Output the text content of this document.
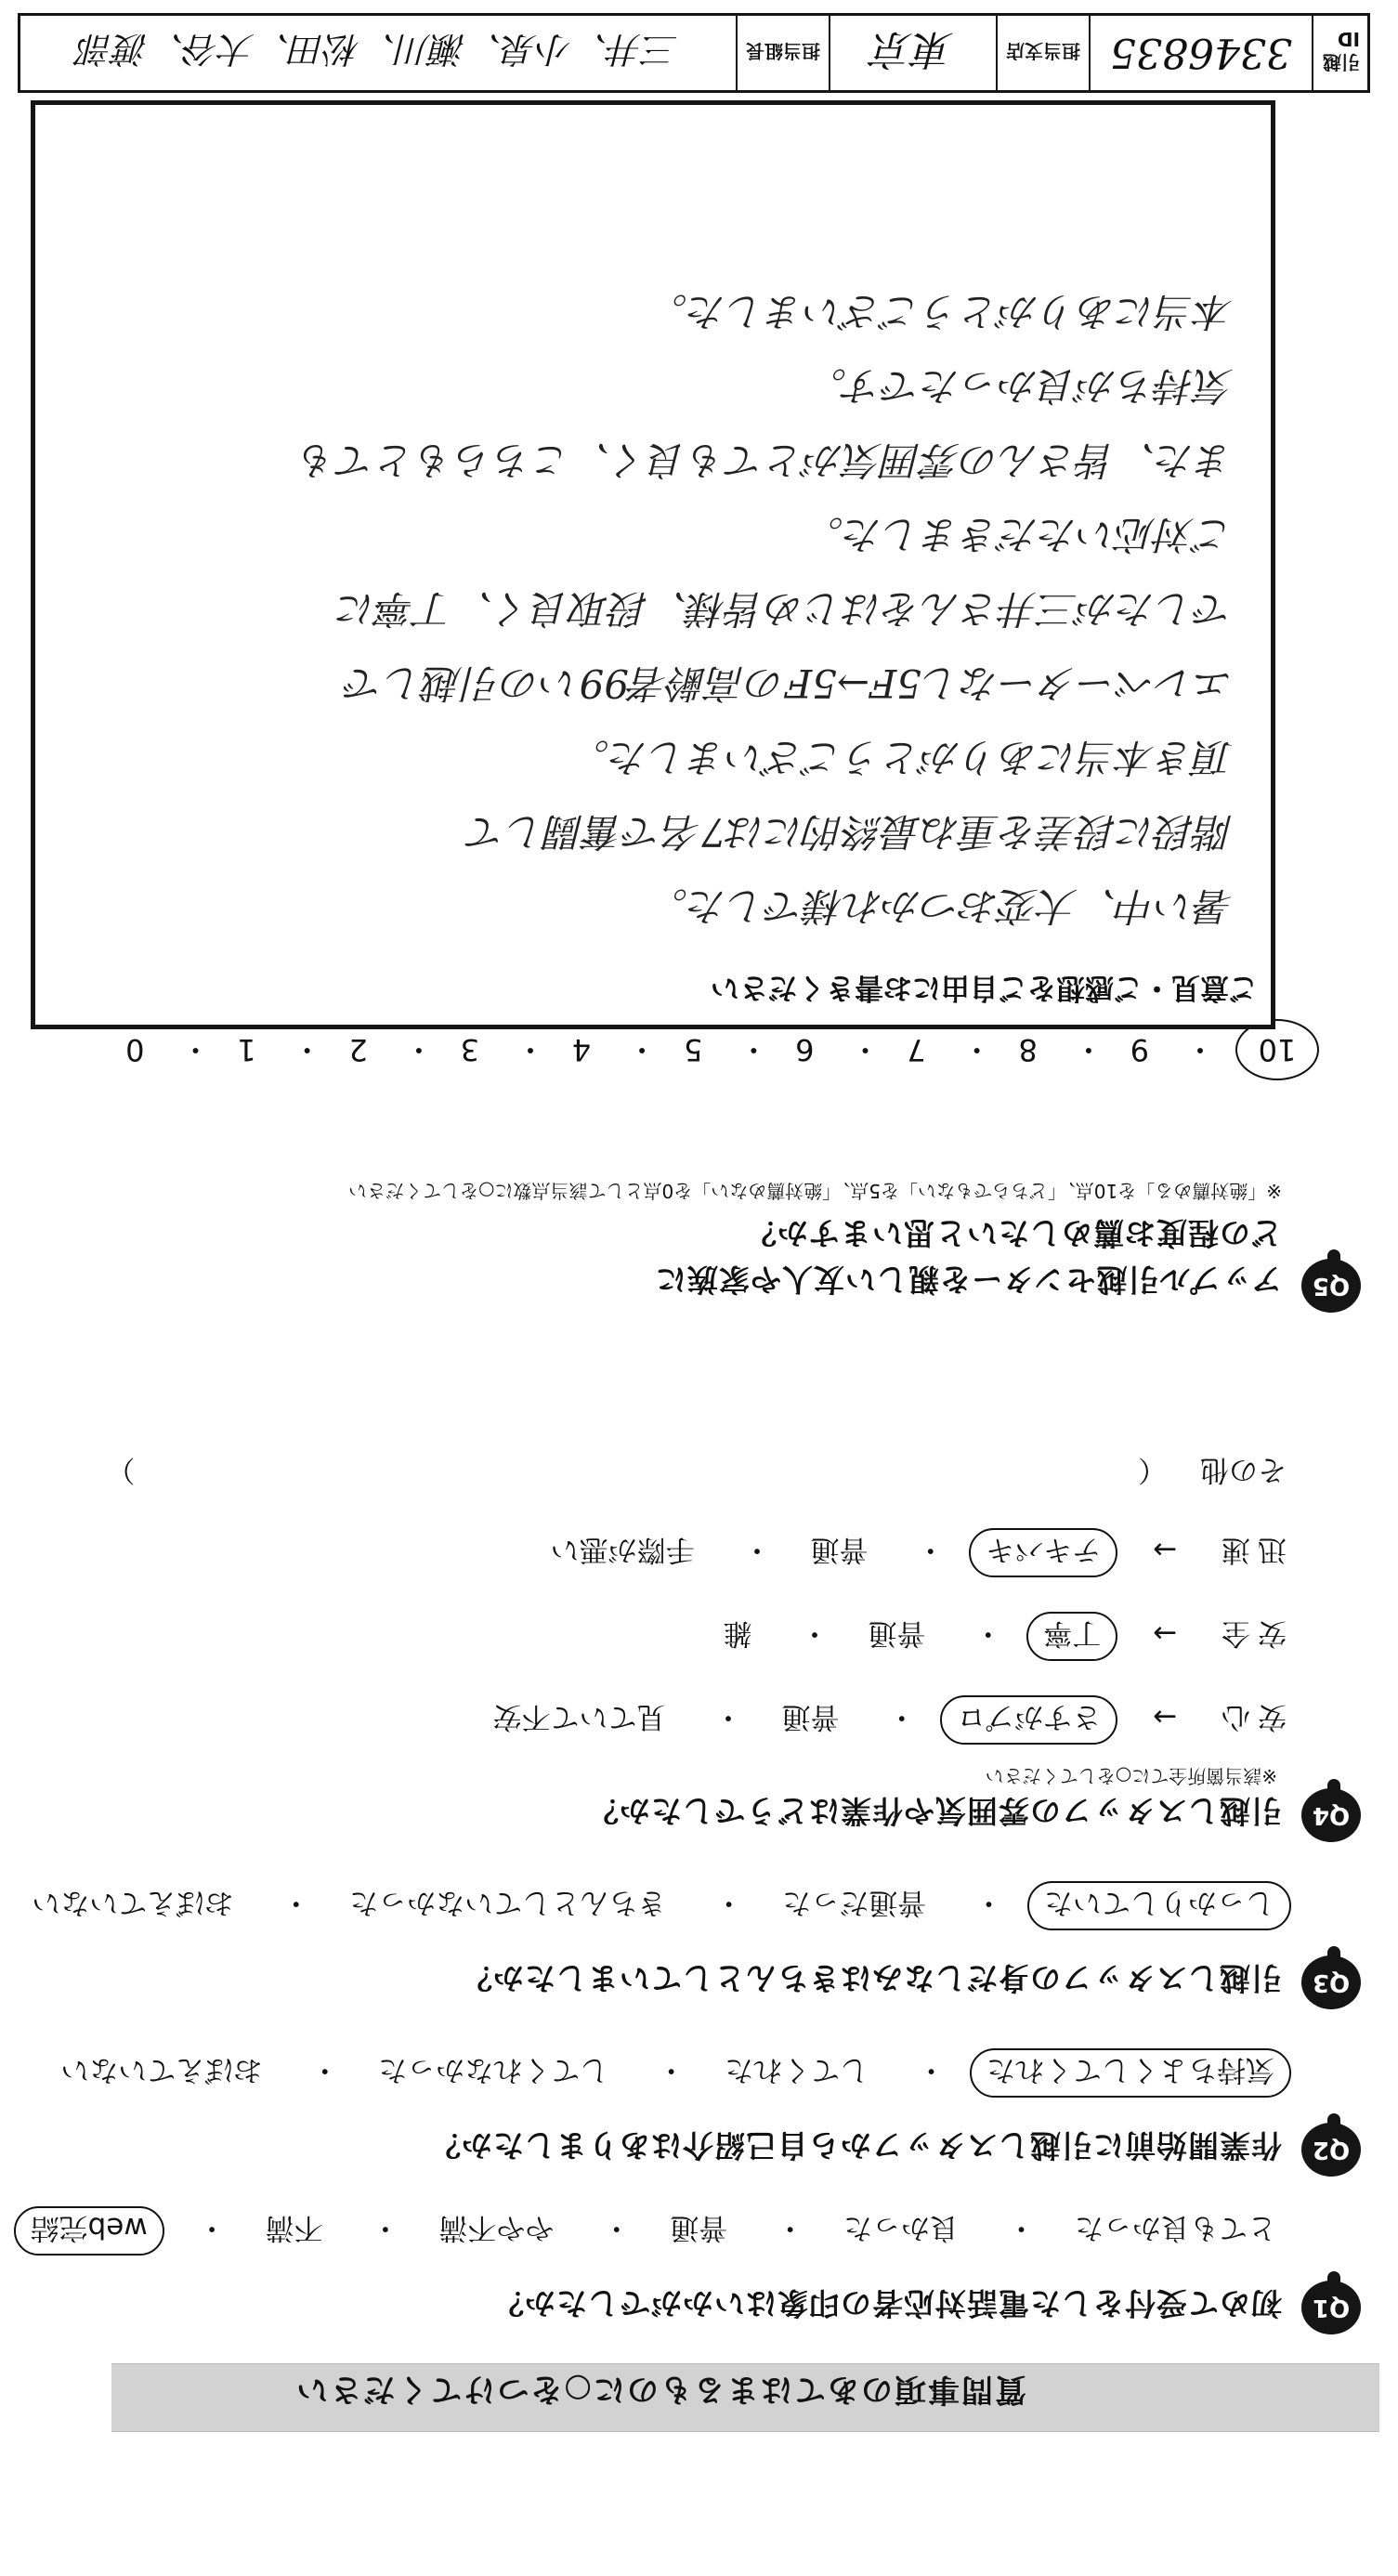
質問事項のあてはまるものに○をつけてください
Q1
初めて受付をした電話対応者の印象はいかがでしたか？
とても良かった・ 良かった・ 普通・ やや不満・ 不満・ web完結
Q2
作業開始前に引越しスタッフから自己紹介はありましたか？
気持ちよくしてくれた・ してくれた・ してくれなかった・ おぼえていない
Q3
引越しスタッフの身だしなみはきちんとしていましたか？
しっかりしていた・ 普通だった・ きちんとしていなかった・ おぼえていない
Q4
引越しスタッフの雰囲気や作業はどうでしたか？
※該当箇所全てに○をしてください
安心 → さすがプロ・ 普通・ 見ていて不安
安全 → 丁寧・ 普通・ 雑
迅速 → テキパキ・ 普通・ 手際が悪い
その他 （  ）
Q5
アップル引越センターを親しい友人や家族に
どの程度お薦めしたいと思いますか？
※「絶対薦める」を10点、「どちらでもない」を5点、「絶対薦めない」を0点として該当点数に○をしてください
10・ 9・ 8・ 7・ 6・ 5・ 4・ 3・ 2・ 1・ 0
ご意見・ご感想をご自由にお書きください
暑い中、大変おつかれ様でした。
階段に段差を重ね最終的には7名で奮闘して
頂き本当にありがとうございました。
エレベーターなし5F→5Fの高齢者99いの引越しで
でしたが三井さんをはじめ皆様、段取良く、丁寧に
ご対応いただきました。
また、皆さんの雰囲気がとても良く、こちらもとても
気持ちが良かったです。
本当にありがとうございました。
引越ID
3346835
担当支店
東京
担当組長
三井、小泉、瀬川、松田、大谷、渡部
